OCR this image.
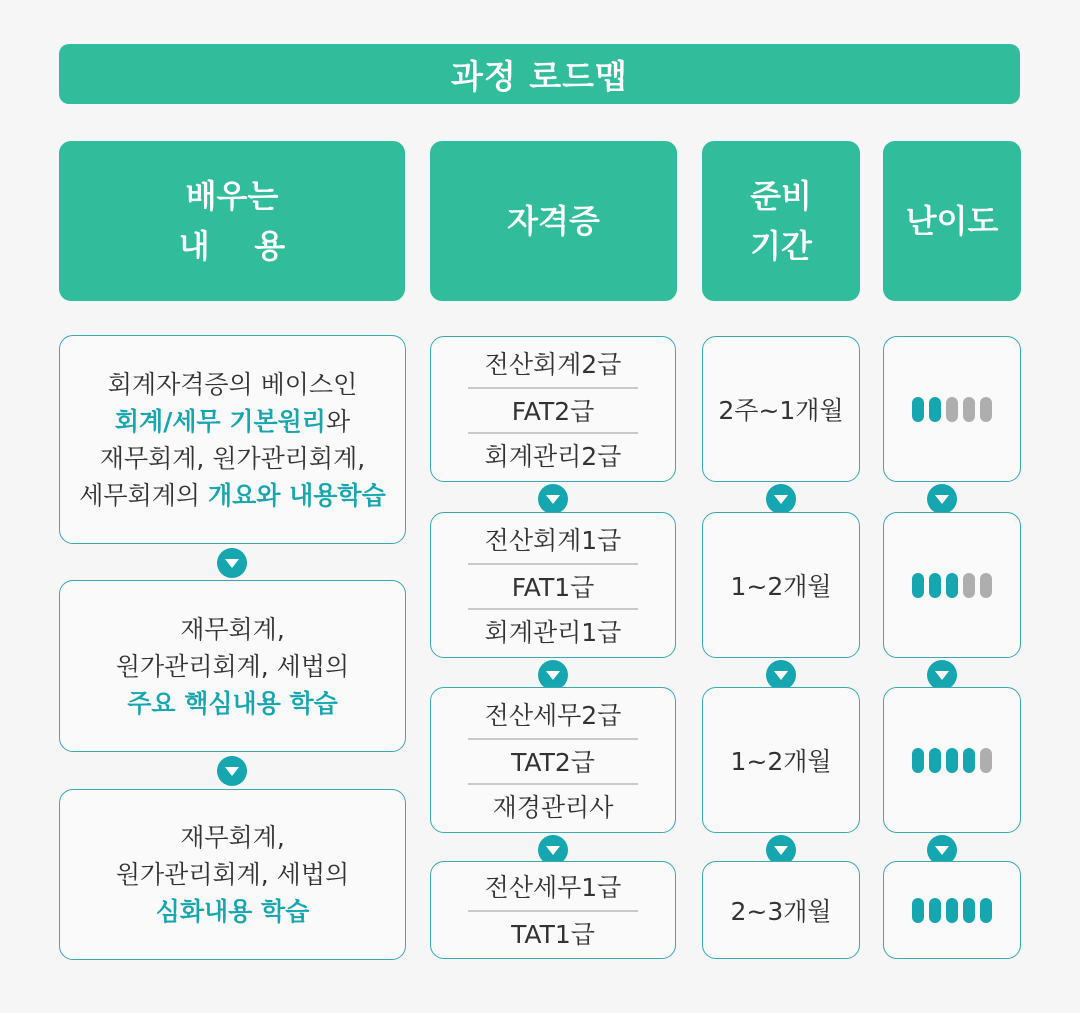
과정 로드맵
배우는
내    용
자격증
준비
기간
난이도
회계자격증의 베이스인
회계/세무 기본원리와
재무회계, 원가관리회계,
세무회계의 개요와 내용학습
재무회계,
원가관리회계, 세법의
주요 핵심내용 학습
재무회계,
원가관리회계, 세법의
심화내용 학습
전산회계2급
FAT2급
회계관리2급
2주~1개월
전산회계1급
FAT1급
회계관리1급
1~2개월
전산세무2급
TAT2급
재경관리사
1~2개월
전산세무1급
TAT1급
2~3개월
